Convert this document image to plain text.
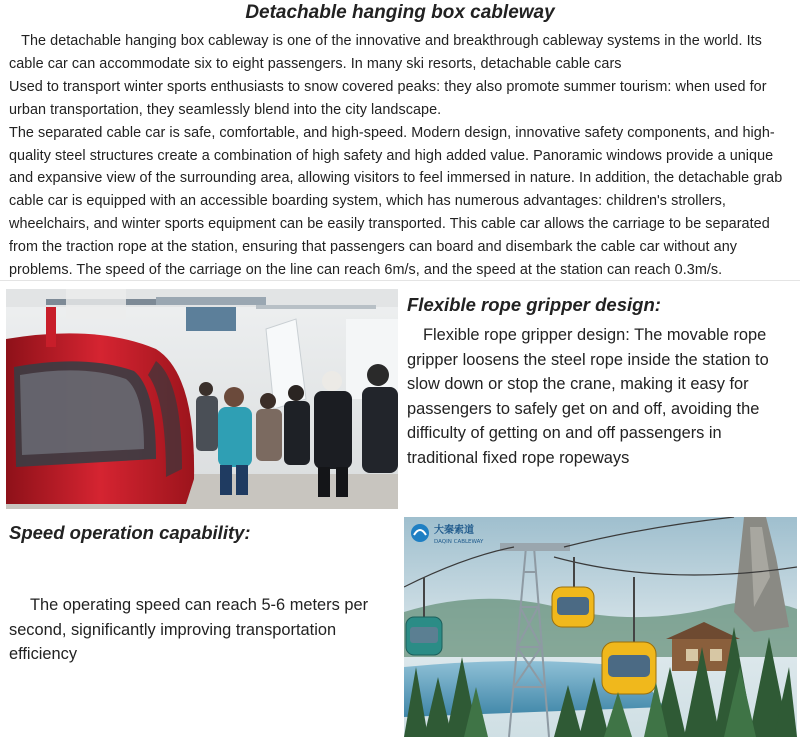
Detachable hanging box cableway

The detachable hanging box cableway is one of the innovative and breakthrough cableway systems in the world. Its cable car can accommodate six to eight passengers. In many ski resorts, detachable cable cars

Used to transport winter sports enthusiasts to snow covered peaks: they also promote summer tourism: when used for urban transportation, they seamlessly blend into the city landscape.

The separated cable car is safe, comfortable, and high-speed. Modern design, innovative safety components, and high-quality steel structures create a combination of high safety and high added value. Panoramic windows provide a unique and expansive view of the surrounding area, allowing visitors to feel immersed in nature. In addition, the detachable grab cable car is equipped with an accessible boarding system, which has numerous advantages: children's strollers, wheelchairs, and winter sports equipment can be easily transported. This cable car allows the carriage to be separated from the traction rope at the station, ensuring that passengers can board and disembark the cable car without any problems. The speed of the carriage on the line can reach 6m/s, and the speed at the station can reach 0.3m/s.

Flexible rope gripper design:

Flexible rope gripper design: The movable rope gripper loosens the steel rope inside the station to slow down or stop the crane, making it easy for passengers to safely get on and off, avoiding the difficulty of getting on and off passengers in traditional fixed rope ropeways

Speed operation capability:

The operating speed can reach 5-6 meters per second, significantly improving transportation efficiency

大秦索道
DAQIN CABLEWAY
